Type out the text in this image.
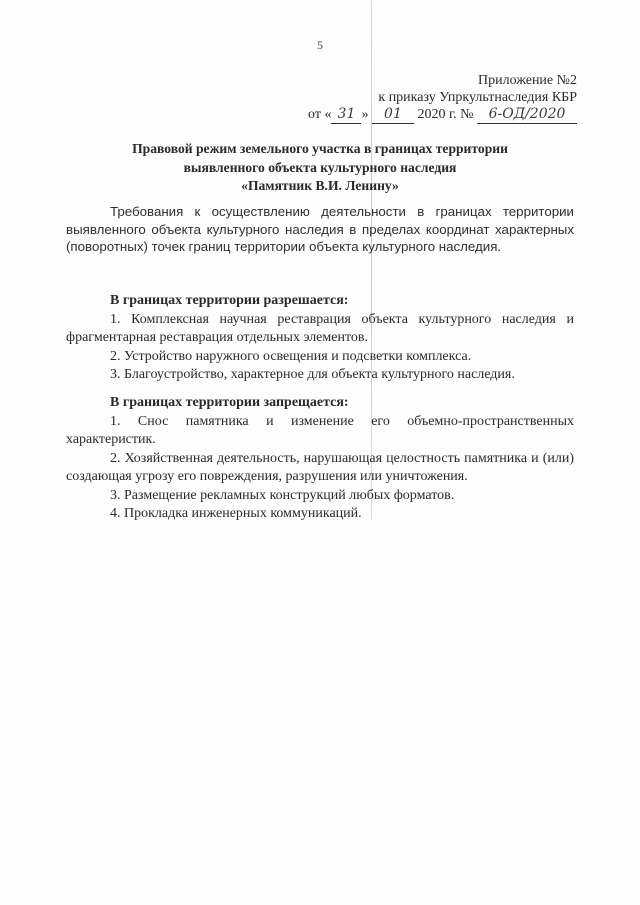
5
Приложение №2
к приказу Упркультнаследия КБР
от « 31 » 01 2020 г. № 6-OД/2020
Правовой режим земельного участка в границах территории
выявленного объекта культурного наследия
«Памятник В.И. Ленину»
Требования к осуществлению деятельности в границах территории выявленного объекта культурного наследия в пределах координат характерных (поворотных) точек границ территории объекта культурного наследия.

В границах территории разрешается:

1. Комплексная научная реставрация объекта культурного наследия и фрагментарная реставрация отдельных элементов.
2. Устройство наружного освещения и подсветки комплекса.
3. Благоустройство, характерное для объекта культурного наследия.

В границах территории запрещается:

1. Снос памятника и изменение его объемно-пространственных характеристик.
2. Хозяйственная деятельность, нарушающая целостность памятника и (или) создающая угрозу его повреждения, разрушения или уничтожения.
3. Размещение рекламных конструкций любых форматов.
4. Прокладка инженерных коммуникаций.
